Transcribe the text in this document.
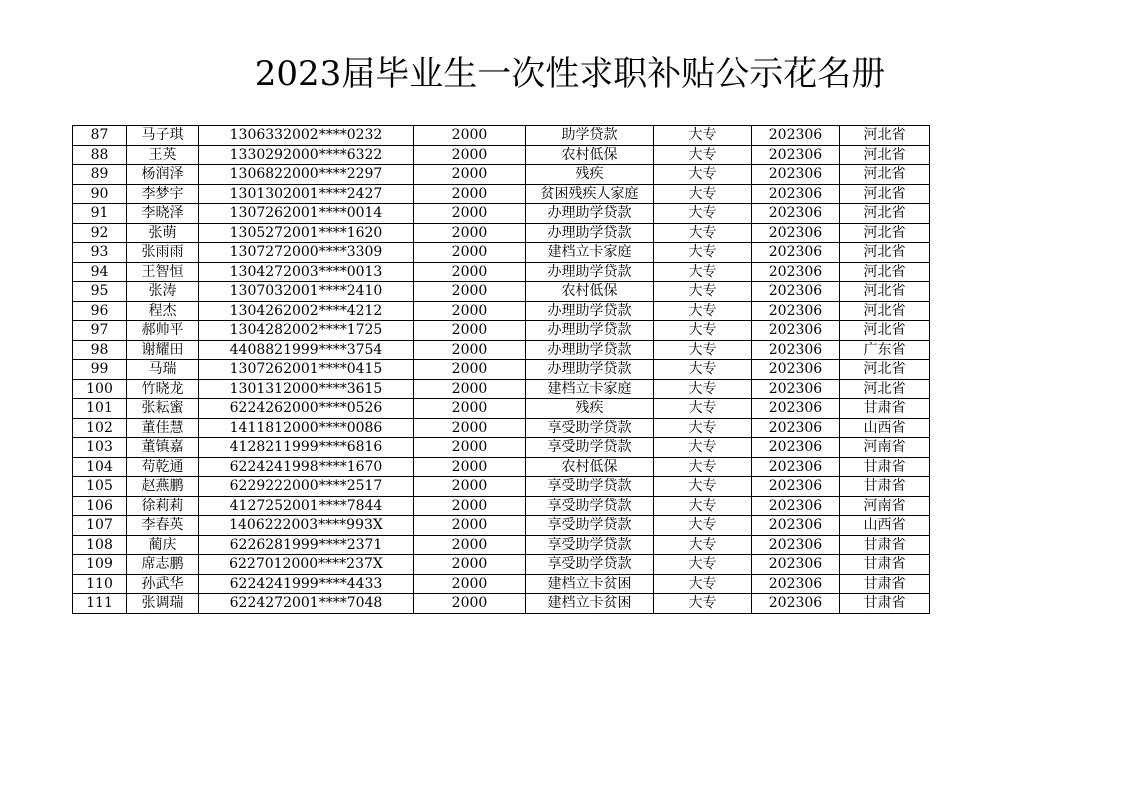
2023届毕业生一次性求职补贴公示花名册
87	马子琪	1306332002****0232	2000	助学贷款	大专	202306	河北省
88	王英	1330292000****6322	2000	农村低保	大专	202306	河北省
89	杨润泽	1306822000****2297	2000	残疾	大专	202306	河北省
90	李梦宇	1301302001****2427	2000	贫困残疾人家庭	大专	202306	河北省
91	李晓泽	1307262001****0014	2000	办理助学贷款	大专	202306	河北省
92	张萌	1305272001****1620	2000	办理助学贷款	大专	202306	河北省
93	张雨雨	1307272000****3309	2000	建档立卡家庭	大专	202306	河北省
94	王智恒	1304272003****0013	2000	办理助学贷款	大专	202306	河北省
95	张涛	1307032001****2410	2000	农村低保	大专	202306	河北省
96	程杰	1304262002****4212	2000	办理助学贷款	大专	202306	河北省
97	郝帅平	1304282002****1725	2000	办理助学贷款	大专	202306	河北省
98	谢耀田	4408821999****3754	2000	办理助学贷款	大专	202306	广东省
99	马瑞	1307262001****0415	2000	办理助学贷款	大专	202306	河北省
100	竹晓龙	1301312000****3615	2000	建档立卡家庭	大专	202306	河北省
101	张耘蜜	6224262000****0526	2000	残疾	大专	202306	甘肃省
102	董佳慧	1411812000****0086	2000	享受助学贷款	大专	202306	山西省
103	董镇嘉	4128211999****6816	2000	享受助学贷款	大专	202306	河南省
104	苟乾通	6224241998****1670	2000	农村低保	大专	202306	甘肃省
105	赵燕鹏	6229222000****2517	2000	享受助学贷款	大专	202306	甘肃省
106	徐莉莉	4127252001****7844	2000	享受助学贷款	大专	202306	河南省
107	李春英	1406222003****993X	2000	享受助学贷款	大专	202306	山西省
108	蔺庆	6226281999****2371	2000	享受助学贷款	大专	202306	甘肃省
109	席志鹏	6227012000****237X	2000	享受助学贷款	大专	202306	甘肃省
110	孙武华	6224241999****4433	2000	建档立卡贫困	大专	202306	甘肃省
111	张调瑞	6224272001****7048	2000	建档立卡贫困	大专	202306	甘肃省
